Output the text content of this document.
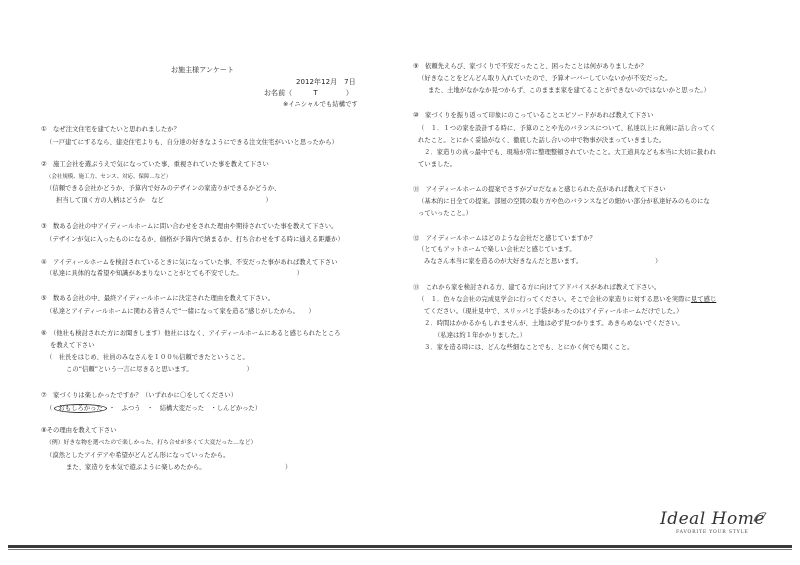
お施主様アンケート
2012年12月　7日
お名前（　　　T　　　　）
※イニシャルでも結構です
①　なぜ注文住宅を建てたいと思われましたか？
（一戸建てにするなら、建売住宅よりも、自分達の好きなようにできる注文住宅がいいと思ったから）
②　施工会社を選ぶうえで気になっていた事、重視されていた事を教えて下さい
（会社規模、施工力、センス、対応、保障…など）
（信頼できる会社かどうか、予算内で好みのデザインの家造りができるかどうか、
担当して頂く方の人柄はどうか　など　　　　　　　　　　　　　　　　）
③　数ある会社の中アイディールホームに問い合わせをされた理由や期待されていた事を教えて下さい。
（デザインが気に入ったものになるか、価格が予算内で納まるか、打ち合わせをする時に通える距離か）
④　アイディールホームを検討されているときに気になっていた事、不安だった事があれば教えて下さい
（私達に具体的な希望や知識があまりないことがとても不安でした。　　　　　　　　　）
⑤　数ある会社の中、最終アイディールホームに決定された理由を教えて下さい。
（私達とアイディールホームに関わる皆さんで“一緒になって家を造る”感じがしたから。　　）
⑥　（他社も検討された方にお聞きします）他社にはなく、アイディールホームにあると感じられたところ
を教えて下さい
（　社長をはじめ、社員のみなさんを１００％信頼できたということ。
この“信頼”という一言に尽きると思います。　　　　　　　　　）
⑦　家づくりは楽しかったですか？（いずれかに〇をしてください）
（ おもしろかった ・　ふつう　・　結構大変だった　・しんどかった）
⑧その理由を教えて下さい
（例）好きな物を選べたので楽しかった、打ち合せが多くて大変だった…など）
（漠然としたアイデアや希望がどんどん形になっていったから。
また、家造りを本気で遊ぶように楽しめたから。　　　　　　　　　　　　　）
⑨　依頼先えらび、家づくりで不安だったこと、困ったことは何がありましたか？
（好きなことをどんどん取り入れていたので、予算オーバーしていないかが不安だった。
また、土地がなかなか見つからず、このままま家を建てることができないのではないかと思った。）
⑩　家づくりを振り返って印象にのこっていることエピソードがあれば教えて下さい
（　１．１つの家を設計する時に、予算のことや光のバランスについて、私達以上に真剣に話し合ってく
れたこと。とにかく妥協がなく、徹底した話し合いの中で物事が決まっていきました。
２．家造りの真っ最中でも、現場が常に整理整頓されていたこと。大工道具なども本当に大切に扱われ
ていました。
⑪　アイディールホームの提案でさすがプロだなぁと感じられた点があれば教えて下さい
（基本的に日全ての提案。部屋の空間の取り方や色のバランスなどの細かい部分が私達好みのものにな
っていったこと。）
⑫　アイディールホームはどのような会社だと感じていますか？
（とてもアットホームで楽しい会社だと感じています。
みなさん本当に家を造るのが大好きなんだと思います。　　　　　　　　　　　　）
⑬　これから家を検討される方、建てる方に向けてアドバイスがあれば教えて下さい。
（　１．色々な会社の完成見学会に行ってください。そこで会社の家造りに対する思いを実際に見て感じ
てください。（現社見中で、スリッパと手袋があったのはアイディールホームだけでした。）
２．時間はかかるかもしれませんが、土地は必ず見つかります。あきらめないでください。
（私達は約１年かかりました。）
３．家を造る時には、どんな些細なことでも、とにかく何でも聞くこと。
Ideal Home
FAVORITE YOUR STYLE
